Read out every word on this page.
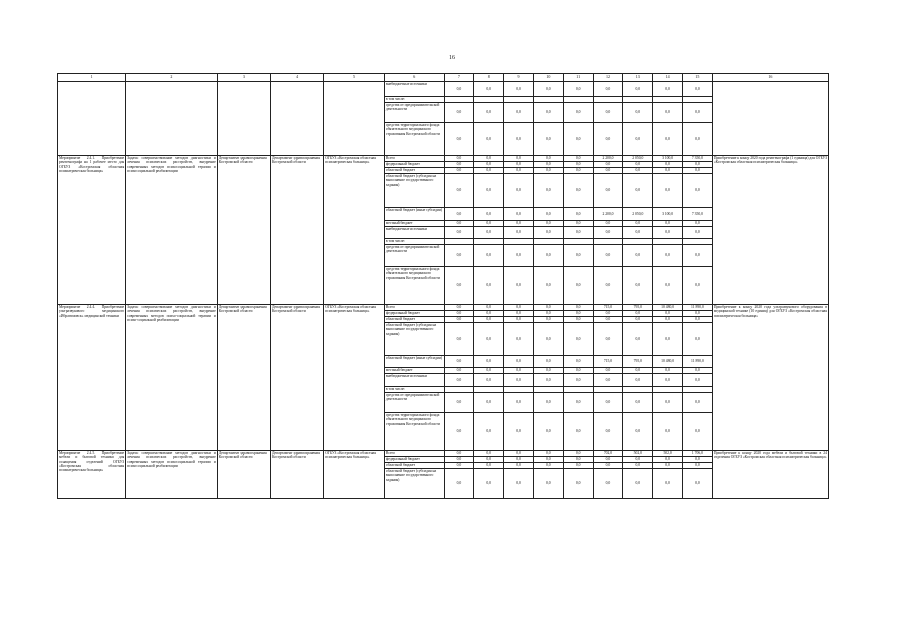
16
1	2	3	4	5	6	7	8	9	10	11	12	13	14	15	16
					внебюджетные источники	0,0	0,0	0,0	0,0	0,0	0,0	0,0	0,0	0,0	
					в том числе:										
					средства от предпринимательской деятельности	0,0	0,0	0,0	0,0	0,0	0,0	0,0	0,0	0,0	
					средства территориального фонда обязательного медицинского страхования Костромской области	0,0	0,0	0,0	0,0	0,0	0,0	0,0	0,0	0,0	
Мероприятие 2.4.1. Приобретение рентгенографа на 1 рабочее место для ОГБУЗ «Костромская областная психиатрическая больница»	Задача: совершенствование методов диагностики и лечения психических расстройств, внедрение современных методов психосоциальной терапии и психосоциальной реабилитации	Департамент здравоохранения Костромской области	Департамент здравоохранения Костромской области	ОГБУЗ «Костромская областная психиатрическая больница»	Всего	0,0	0,0	0,0	0,0	0,0	2 200,0	2 050,0	3 100,0	7 350,0	Приобретение к концу 2020 года рентгенографа (1 единица) для ОГБУЗ «Костромская областная психиатрическая больница»
					федеральный бюджет	0,0	0,0	0,0	0,0	0,0	0,0	0,0	0,0	0,0	
					областной бюджет	0,0	0,0	0,0	0,0	0,0	0,0	0,0	0,0	0,0	
					областной бюджет (субсидия на выполнение государственного задания)	0,0	0,0	0,0	0,0	0,0	0,0	0,0	0,0	0,0	
					областной бюджет (иные субсидии)	0,0	0,0	0,0	0,0	0,0	2 200,0	2 050,0	3 100,0	7 350,0	
					местный бюджет	0,0	0,0	0,0	0,0	0,0	0,0	0,0	0,0	0,0	
					внебюджетные источники	0,0	0,0	0,0	0,0	0,0	0,0	0,0	0,0	0,0	
					в том числе:										
					средства от предпринимательской деятельности	0,0	0,0	0,0	0,0	0,0	0,0	0,0	0,0	0,0	
					средства территориального фонда обязательного медицинского страхования Костромской области	0,0	0,0	0,0	0,0	0,0	0,0	0,0	0,0	0,0	
Мероприятие 2.4.4. Приобретение ультразвукового медицинского «Ибрагимовск» медицинской техники	Задача: совершенствование методов диагностики и лечения психических расстройств, внедрение современных методов психо-социальной терапии и психо-социальной реабилитации	Департамент здравоохранения Костромской области	Департамент здравоохранения Костромской области	ОГБУЗ «Костромская областная психиатрическая больница»	Всего	0,0	0,0	0,0	0,0	0,0	715,0	795,0	10 480,0	11 890,0	Приобретение к концу 2020 года ультразвукового оборудования в медицинской технике (10 единиц) для ОГБУЗ «Костромская областная психиатрическая больница»
					федеральный бюджет	0,0	0,0	0,0	0,0	0,0	0,0	0,0	0,0	0,0	
					областной бюджет	0,0	0,0	0,0	0,0	0,0	0,0	0,0	0,0	0,0	
					областной бюджет (субсидия на выполнение государственного задания)	0,0	0,0	0,0	0,0	0,0	0,0	0,0	0,0	0,0	
					областной бюджет (иные субсидии)	0,0	0,0	0,0	0,0	0,0	715,0	795,0	10 480,0	11 890,0	
					местный бюджет	0,0	0,0	0,0	0,0	0,0	0,0	0,0	0,0	0,0	
					внебюджетные источники	0,0	0,0	0,0	0,0	0,0	0,0	0,0	0,0	0,0	
					в том числе:										
					средства от предпринимательской деятельности	0,0	0,0	0,0	0,0	0,0	0,0	0,0	0,0	0,0	
					средства территориального фонда обязательного медицинского страхования Костромской области	0,0	0,0	0,0	0,0	0,0	0,0	0,0	0,0	0,0	
Мероприятие 2.4.5. Приобретение мебели и бытовой техники для оснащения отделений ОГБУЗ «Костромская областная психиатрическая больница»	Задача: совершенствование методов диагностики и лечения психических расстройств, внедрение современных методов психосоциальной терапии и психосоциальной реабилитации	Департамент здравоохранения Костромской области	Департамент здравоохранения Костромской области	ОГБУЗ «Костромская областная психиатрическая больница»	Всего	0,0	0,0	0,0	0,0	0,0	702,0	502,0	502,0	1 706,0	Приобретение к концу 2020 года мебели и бытовой техники в 24 отделения ОГБУЗ «Костромская областная психиатрическая больница»
					федеральный бюджет	0,0	0,0	0,0	0,0	0,0	0,0	0,0	0,0	0,0	
					областной бюджет	0,0	0,0	0,0	0,0	0,0	0,0	0,0	0,0	0,0	
					областной бюджет (субсидия на выполнение государственного задания)	0,0	0,0	0,0	0,0	0,0	0,0	0,0	0,0	0,0	
